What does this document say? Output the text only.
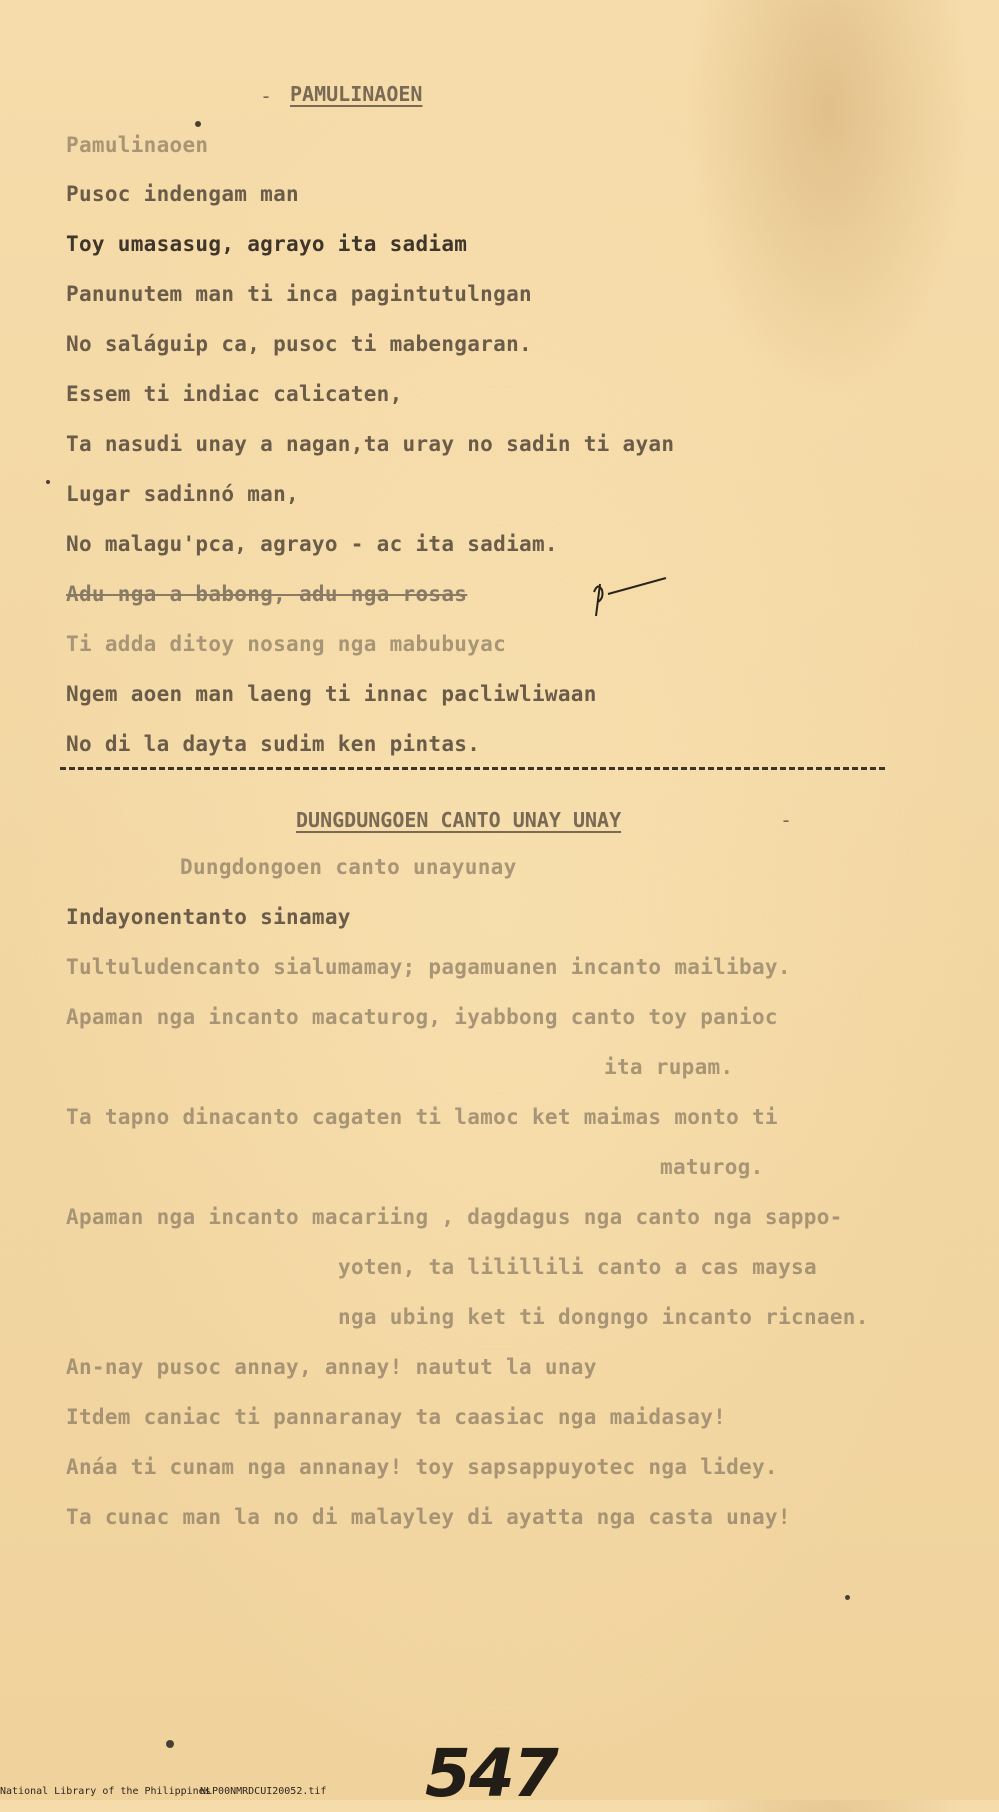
- PAMULINAOEN
Pamulinaoen
Pusoc indengam man
Toy umasasug, agrayo ita sadiam
Panunutem man ti inca pagintutulngan
No saláguip ca, pusoc ti mabengaran.
Essem ti indiac calicaten,
Ta nasudi unay a nagan,ta uray no sadin ti ayan
Lugar sadinnó man,
No malagu'pca, agrayo - ac ita sadiam.
Adu nga a babong, adu nga rosas
Ti adda ditoy nosang nga mabubuyac
Ngem aoen man laeng ti innac pacliwliwaan
No di la dayta sudim ken pintas.
DUNGDUNGOEN CANTO UNAY UNAY	-
Dungdongoen canto unayunay
Indayonentanto sinamay
Tultuludencanto sialumamay; pagamuanen incanto mailibay.
Apaman nga incanto macaturog, iyabbong canto toy panioc
ita rupam.
Ta tapno dinacanto cagaten ti lamoc ket maimas monto ti
maturog.
Apaman nga incanto macariing , dagdagus nga canto nga sappo-
yoten, ta lilillili canto a cas maysa
nga ubing ket ti dongngo incanto ricnaen.
An-nay pusoc annay, annay! nautut la unay
Itdem caniac ti pannaranay ta caasiac nga maidasay!
Anáa ti cunam nga annanay! toy sapsappuyotec nga lidey.
Ta cunac man la no di malayley di ayatta nga casta unay!
547
National Library of the Philippines
NLP00NMRDCUI20052.tif
